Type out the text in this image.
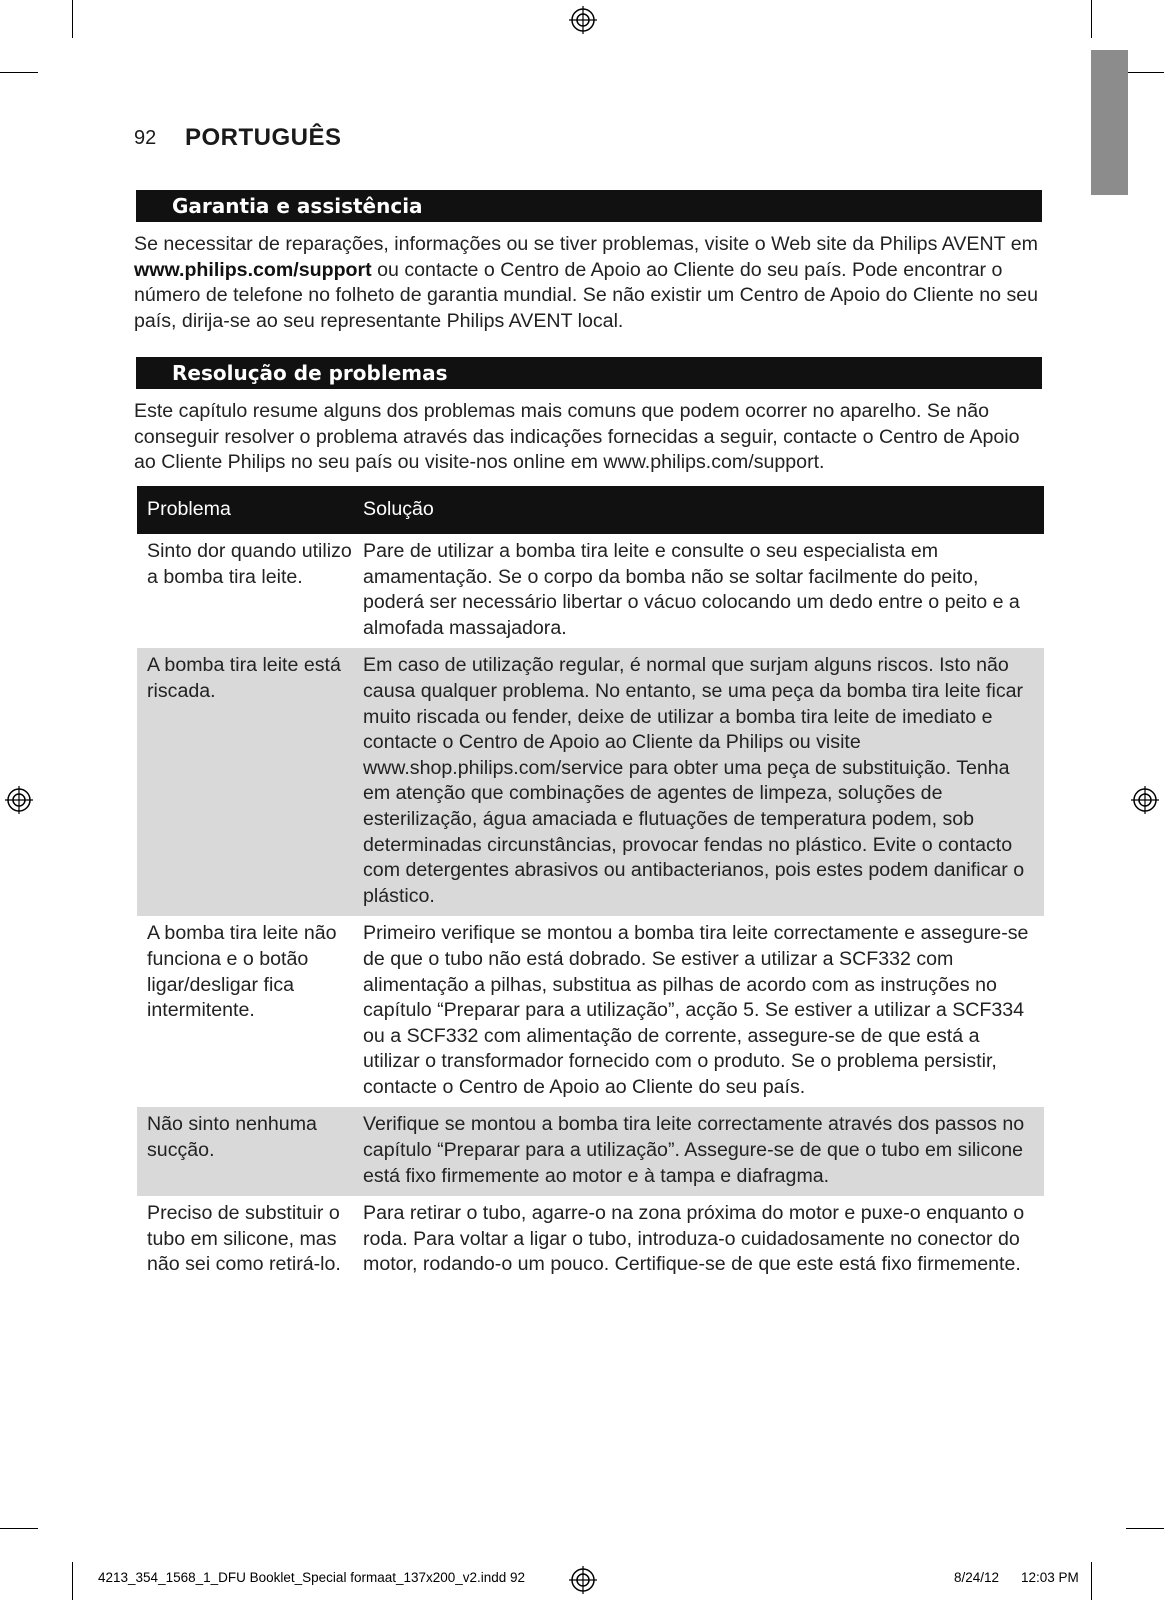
92 PORTUGUÊS
Garantia e assistência
Se necessitar de reparações, informações ou se tiver problemas, visite o Web site da Philips AVENT em www.philips.com/support ou contacte o Centro de Apoio ao Cliente do seu país. Pode encontrar o número de telefone no folheto de garantia mundial. Se não existir um Centro de Apoio do Cliente no seu país, dirija-se ao seu representante Philips AVENT local.
Resolução de problemas
Este capítulo resume alguns dos problemas mais comuns que podem ocorrer no aparelho. Se não conseguir resolver o problema através das indicações fornecidas a seguir, contacte o Centro de Apoio ao Cliente Philips no seu país ou visite-nos online em www.philips.com/support.
Problema	Solução
Sinto dor quando utilizo a bomba tira leite.
Pare de utilizar a bomba tira leite e consulte o seu especialista em amamentação. Se o corpo da bomba não se soltar facilmente do peito, poderá ser necessário libertar o vácuo colocando um dedo entre o peito e a almofada massajadora.
A bomba tira leite está riscada.
Em caso de utilização regular, é normal que surjam alguns riscos. Isto não causa qualquer problema. No entanto, se uma peça da bomba tira leite ficar muito riscada ou fender, deixe de utilizar a bomba tira leite de imediato e contacte o Centro de Apoio ao Cliente da Philips ou visite www.shop.philips.com/service para obter uma peça de substituição. Tenha em atenção que combinações de agentes de limpeza, soluções de esterilização, água amaciada e flutuações de temperatura podem, sob determinadas circunstâncias, provocar fendas no plástico. Evite o contacto com detergentes abrasivos ou antibacterianos, pois estes podem danificar o plástico.
A bomba tira leite não funciona e o botão ligar/desligar fica intermitente.
Primeiro verifique se montou a bomba tira leite correctamente e assegure-se de que o tubo não está dobrado. Se estiver a utilizar a SCF332 com alimentação a pilhas, substitua as pilhas de acordo com as instruções no capítulo “Preparar para a utilização”, acção 5. Se estiver a utilizar a SCF334 ou a SCF332 com alimentação de corrente, assegure-se de que está a utilizar o transformador fornecido com o produto. Se o problema persistir, contacte o Centro de Apoio ao Cliente do seu país.
Não sinto nenhuma sucção.
Verifique se montou a bomba tira leite correctamente através dos passos no capítulo “Preparar para a utilização”. Assegure-se de que o tubo em silicone está fixo firmemente ao motor e à tampa e diafragma.
Preciso de substituir o tubo em silicone, mas não sei como retirá-lo.
Para retirar o tubo, agarre-o na zona próxima do motor e puxe-o enquanto o roda. Para voltar a ligar o tubo, introduza-o cuidadosamente no conector do motor, rodando-o um pouco. Certifique-se de que este está fixo firmemente.
4213_354_1568_1_DFU Booklet_Special formaat_137x200_v2.indd 92	8/24/12 12:03 PM
